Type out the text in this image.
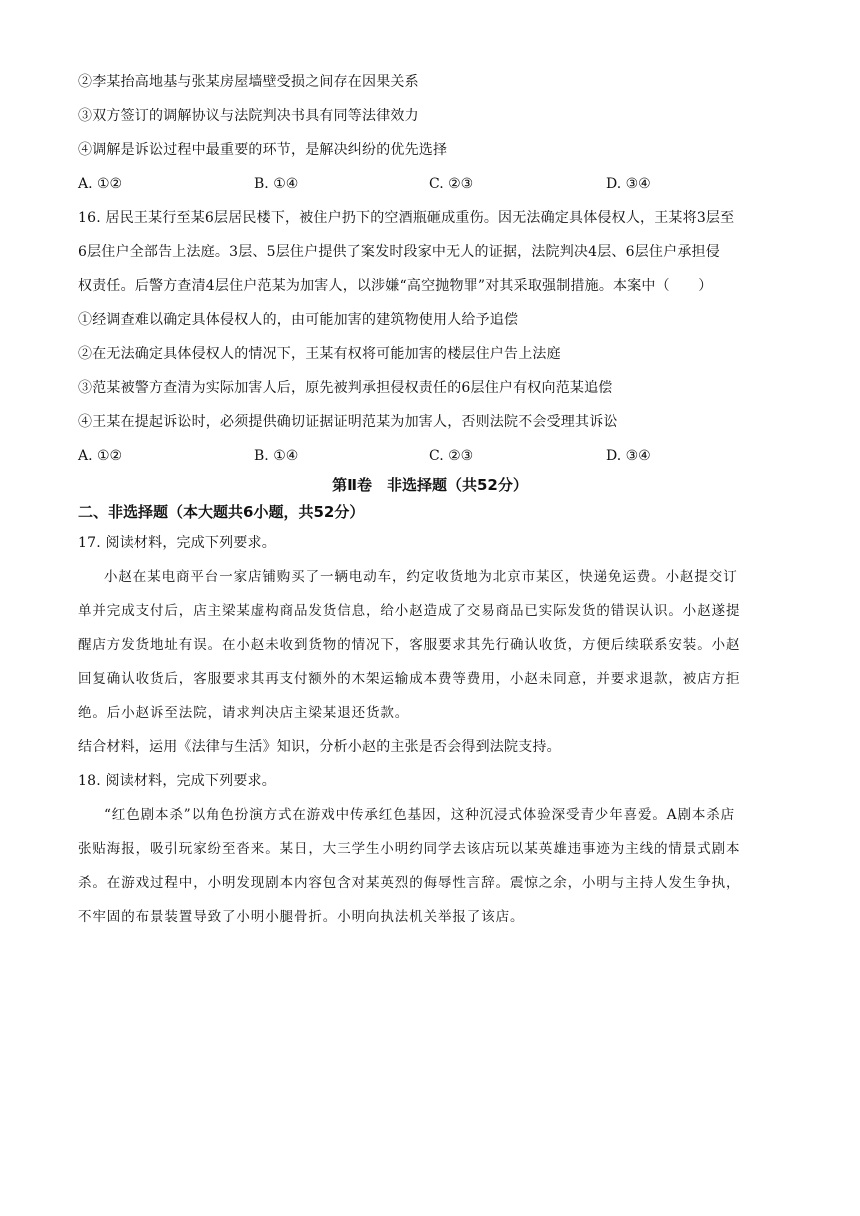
②李某抬高地基与张某房屋墙壁受损之间存在因果关系
③双方签订的调解协议与法院判决书具有同等法律效力
④调解是诉讼过程中最重要的环节，是解决纠纷的优先选择
A. ①②	B. ①④	C. ②③	D. ③④
16. 居民王某行至某6层居民楼下，被住户扔下的空酒瓶砸成重伤。因无法确定具体侵权人，王某将3层至
6层住户全部告上法庭。3层、5层住户提供了案发时段家中无人的证据，法院判决4层、6层住户承担侵
权责任。后警方查清4层住户范某为加害人，以涉嫌“高空抛物罪”对其采取强制措施。本案中（　　）
①经调查难以确定具体侵权人的，由可能加害的建筑物使用人给予追偿
②在无法确定具体侵权人的情况下，王某有权将可能加害的楼层住户告上法庭
③范某被警方查清为实际加害人后，原先被判承担侵权责任的6层住户有权向范某追偿
④王某在提起诉讼时，必须提供确切证据证明范某为加害人，否则法院不会受理其诉讼
A. ①②	B. ①④	C. ②③	D. ③④
第Ⅱ卷　非选择题（共52分）
二、非选择题（本大题共6小题，共52分）
17. 阅读材料，完成下列要求。
小赵在某电商平台一家店铺购买了一辆电动车，约定收货地为北京市某区，快递免运费。小赵提交订
单并完成支付后，店主梁某虚构商品发货信息，给小赵造成了交易商品已实际发货的错误认识。小赵遂提
醒店方发货地址有误。在小赵未收到货物的情况下，客服要求其先行确认收货，方便后续联系安装。小赵
回复确认收货后，客服要求其再支付额外的木架运输成本费等费用，小赵未同意，并要求退款，被店方拒
绝。后小赵诉至法院，请求判决店主梁某退还货款。
结合材料，运用《法律与生活》知识，分析小赵的主张是否会得到法院支持。
18. 阅读材料，完成下列要求。
“红色剧本杀”以角色扮演方式在游戏中传承红色基因，这种沉浸式体验深受青少年喜爱。A剧本杀店
张贴海报，吸引玩家纷至沓来。某日，大三学生小明约同学去该店玩以某英雄违事迹为主线的情景式剧本
杀。在游戏过程中，小明发现剧本内容包含对某英烈的侮辱性言辞。震惊之余，小明与主持人发生争执，
不牢固的布景装置导致了小明小腿骨折。小明向执法机关举报了该店。
